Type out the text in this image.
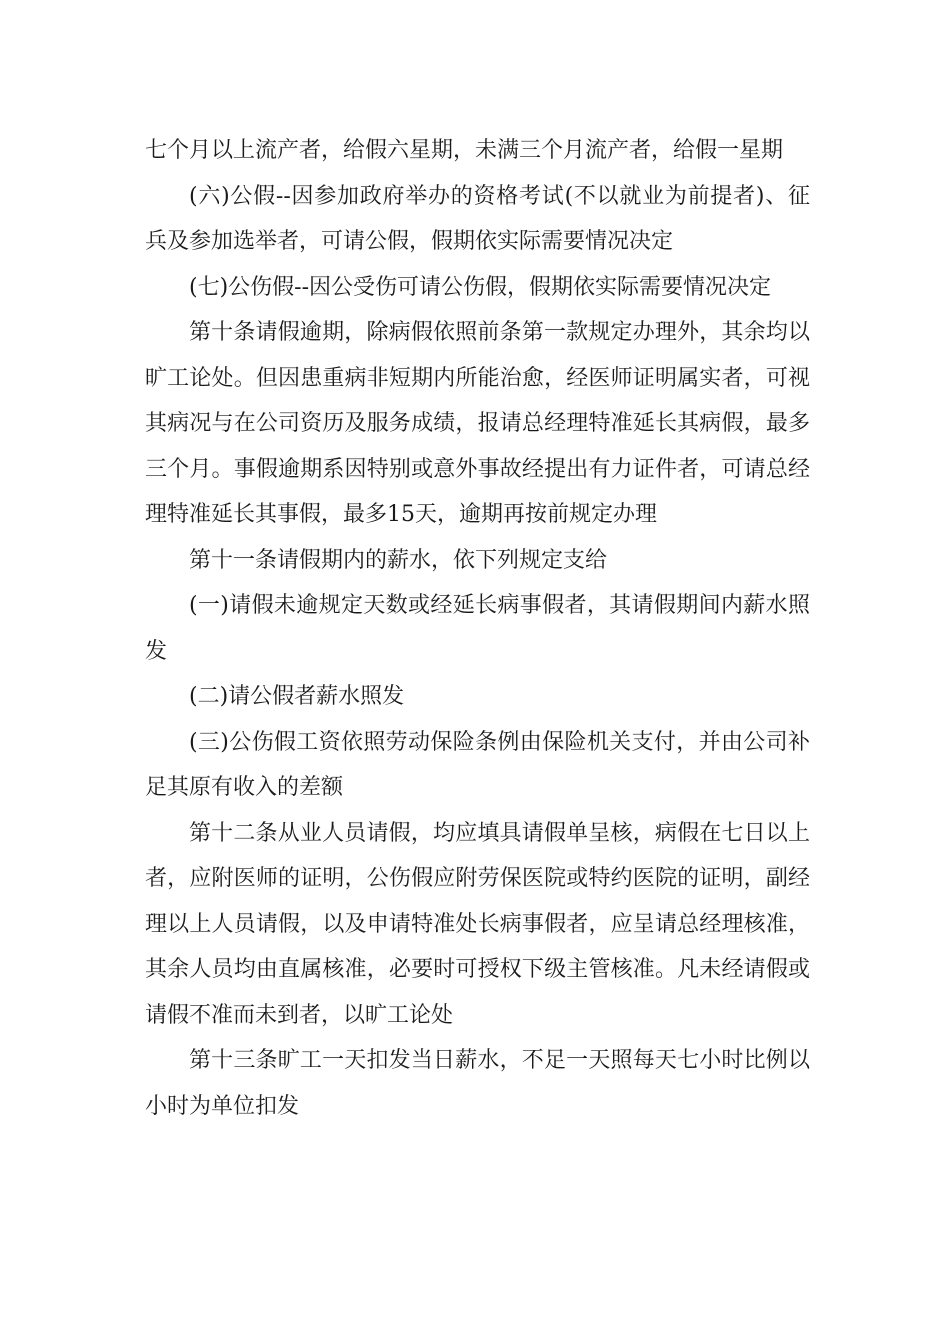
七个月以上流产者，给假六星期，未满三个月流产者，给假一星期

(六)公假--因参加政府举办的资格考试(不以就业为前提者)、征兵及参加选举者，可请公假，假期依实际需要情况决定

(七)公伤假--因公受伤可请公伤假，假期依实际需要情况决定

第十条请假逾期，除病假依照前条第一款规定办理外，其余均以旷工论处。但因患重病非短期内所能治愈，经医师证明属实者，可视其病况与在公司资历及服务成绩，报请总经理特准延长其病假，最多三个月。事假逾期系因特别或意外事故经提出有力证件者，可请总经理特准延长其事假，最多15天，逾期再按前规定办理

第十一条请假期内的薪水，依下列规定支给

(一)请假未逾规定天数或经延长病事假者，其请假期间内薪水照发

(二)请公假者薪水照发

(三)公伤假工资依照劳动保险条例由保险机关支付，并由公司补足其原有收入的差额

第十二条从业人员请假，均应填具请假单呈核，病假在七日以上者，应附医师的证明，公伤假应附劳保医院或特约医院的证明，副经理以上人员请假，以及申请特准处长病事假者，应呈请总经理核准，其余人员均由直属核准，必要时可授权下级主管核准。凡未经请假或请假不准而未到者，以旷工论处

第十三条旷工一天扣发当日薪水，不足一天照每天七小时比例以小时为单位扣发
